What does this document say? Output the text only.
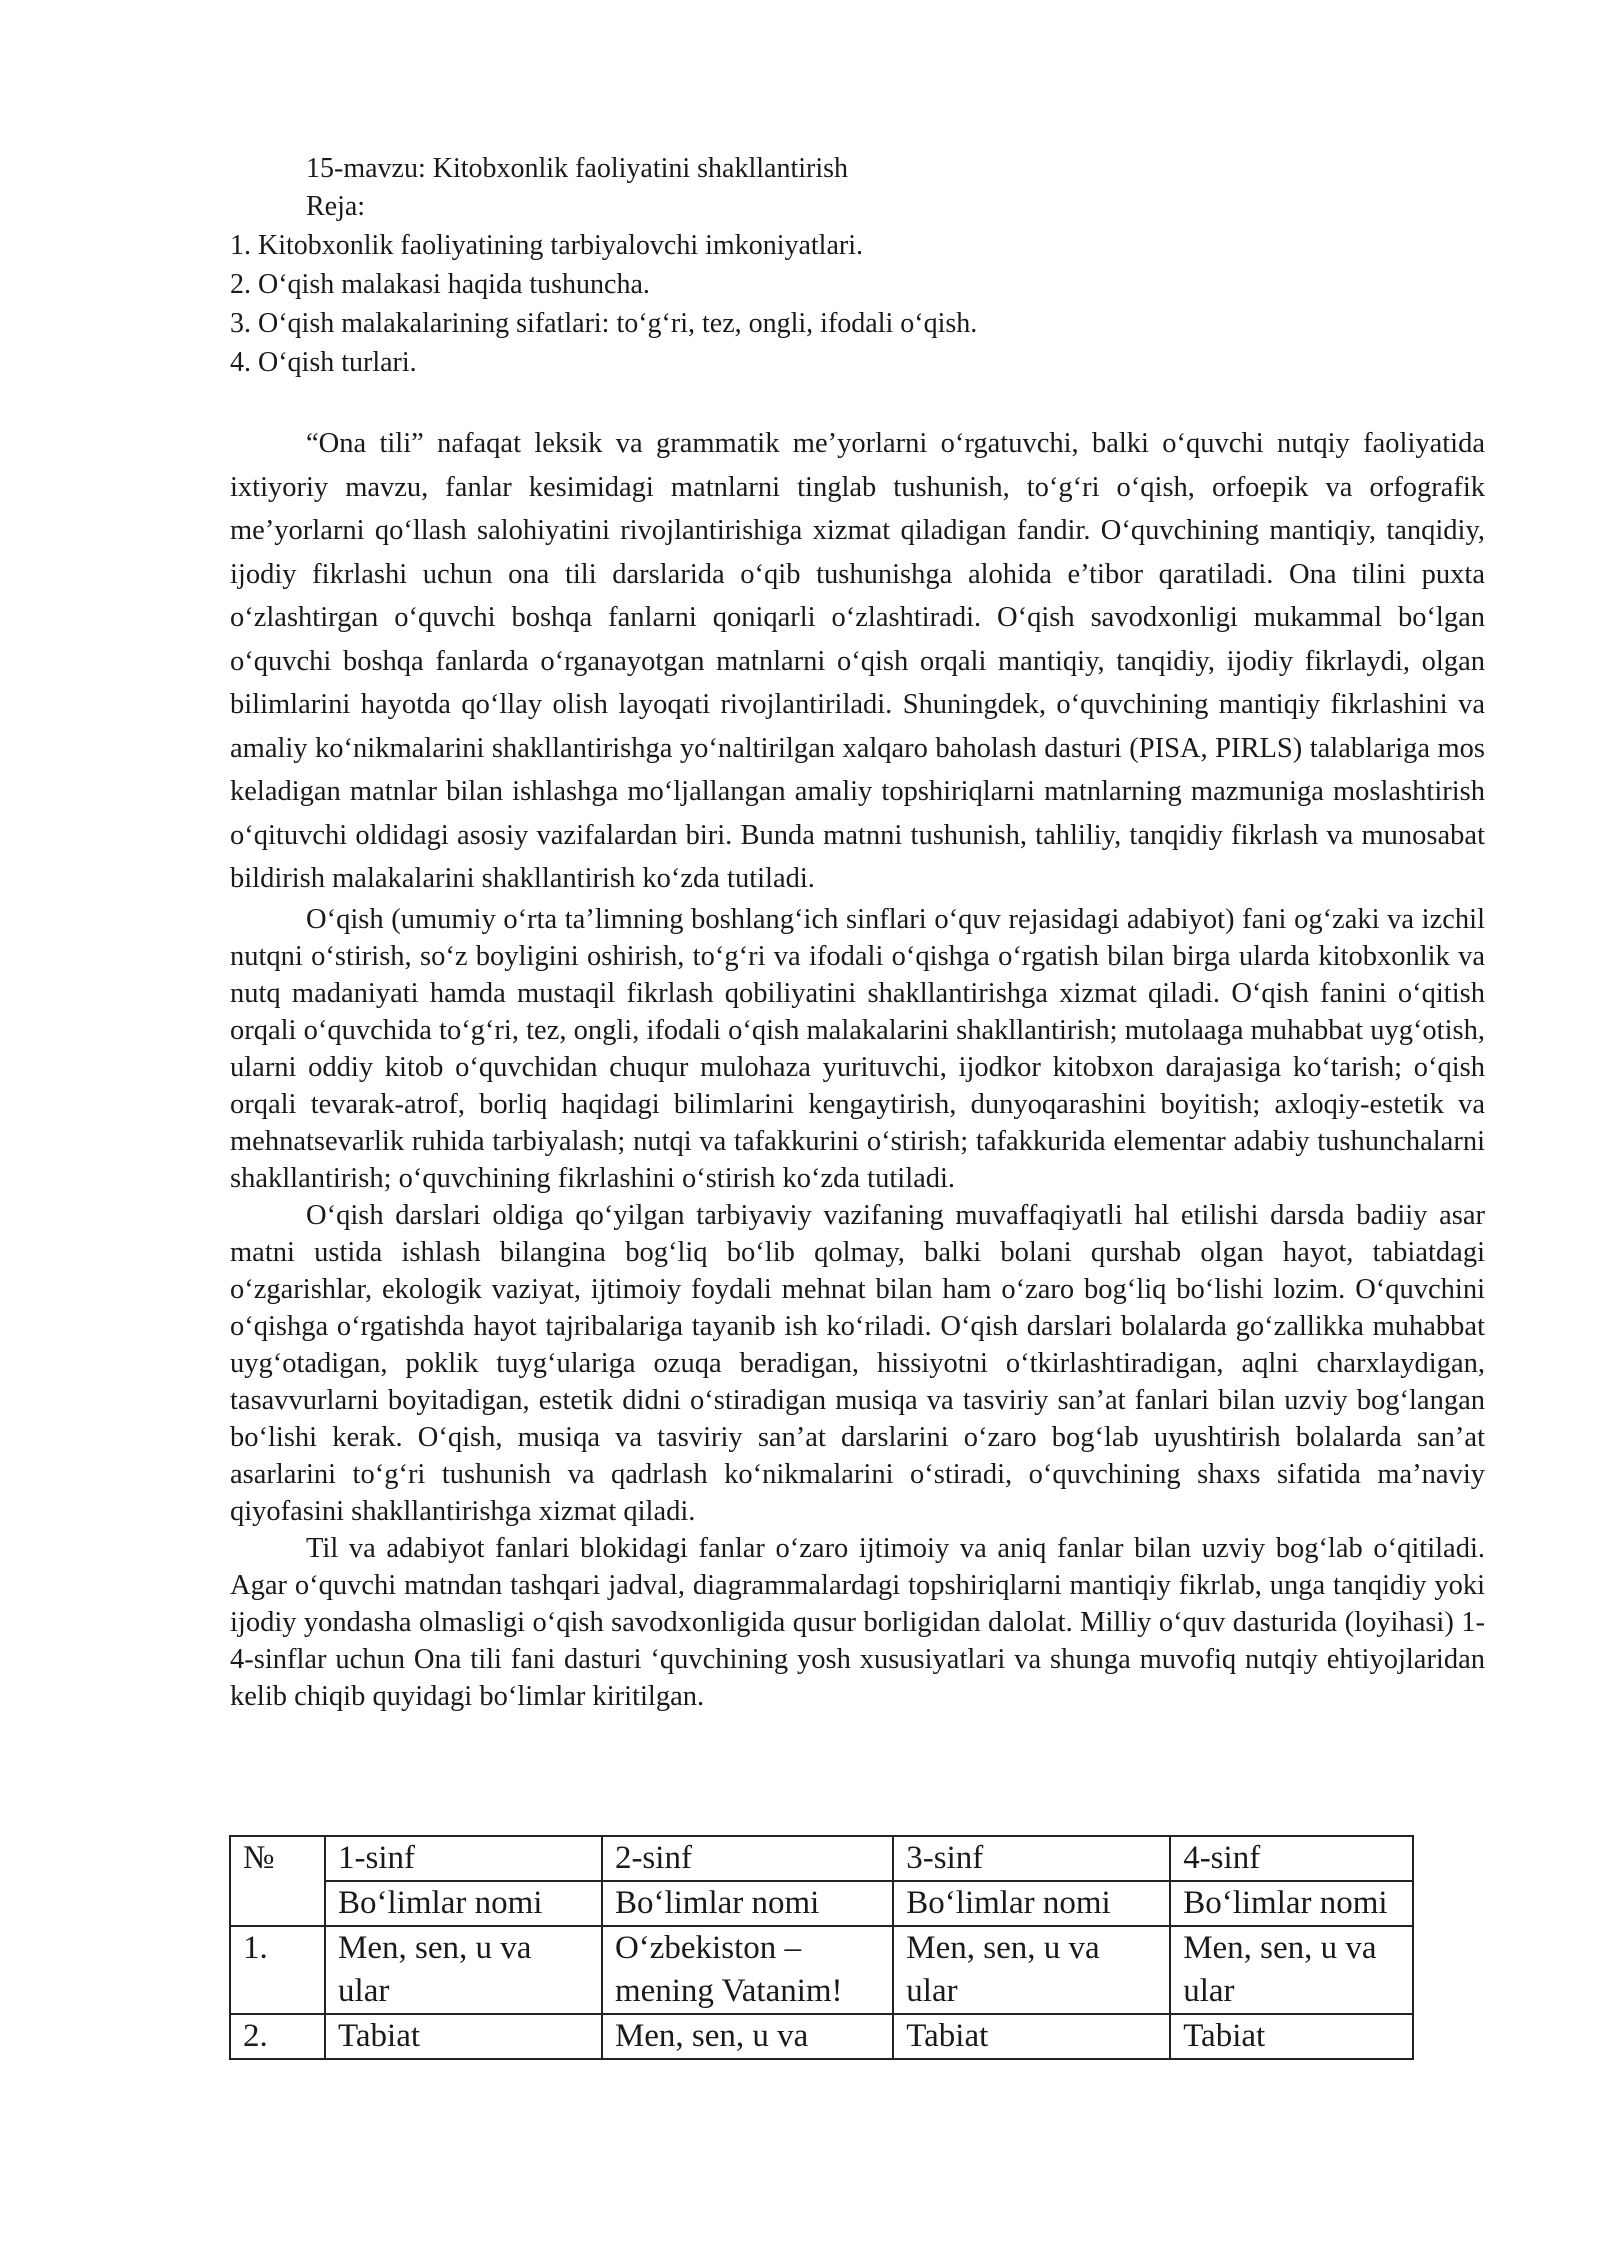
15-mavzu: Kitobxonlik faoliyatini shakllantirish

Reja:

1. Kitobxonlik faoliyatining tarbiyalovchi imkoniyatlari.
2. O‘qish malakasi haqida tushuncha.
3. O‘qish malakalarining sifatlari: to‘g‘ri, tez, ongli, ifodali o‘qish.
4. O‘qish turlari.

“Ona tili” nafaqat leksik va grammatik me’yorlarni o‘rgatuvchi, balki o‘quvchi nutqiy faoliyatida ixtiyoriy mavzu, fanlar kesimidagi matnlarni tinglab tushunish, to‘g‘ri o‘qish, orfoepik va orfografik me’yorlarni qo‘llash salohiyatini rivojlantirishiga xizmat qiladigan fandir. O‘quvchining mantiqiy, tanqidiy, ijodiy fikrlashi uchun ona tili darslarida o‘qib tushunishga alohida e’tibor qaratiladi. Ona tilini puxta o‘zlashtirgan o‘quvchi boshqa fanlarni qoniqarli o‘zlashtiradi. O‘qish savodxonligi mukammal bo‘lgan o‘quvchi boshqa fanlarda o‘rganayotgan matnlarni o‘qish orqali mantiqiy, tanqidiy, ijodiy fikrlaydi, olgan bilimlarini hayotda qo‘llay olish layoqati rivojlantiriladi. Shuningdek, o‘quvchining mantiqiy fikrlashini va amaliy ko‘nikmalarini shakllantirishga yo‘naltirilgan xalqaro baholash dasturi (PISA, PIRLS) talablariga mos keladigan matnlar bilan ishlashga mo‘ljallangan amaliy topshiriqlarni matnlarning mazmuniga moslashtirish o‘qituvchi oldidagi asosiy vazifalardan biri. Bunda matnni tushunish, tahliliy, tanqidiy fikrlash va munosabat bildirish malakalarini shakllantirish ko‘zda tutiladi.

O‘qish (umumiy o‘rta ta’limning boshlang‘ich sinflari o‘quv rejasidagi adabiyot) fani og‘zaki va izchil nutqni o‘stirish, so‘z boyligini oshirish, to‘g‘ri va ifodali o‘qishga o‘rgatish bilan birga ularda kitobxonlik va nutq madaniyati hamda mustaqil fikrlash qobiliyatini shakllantirishga xizmat qiladi. O‘qish fanini o‘qitish orqali o‘quvchida to‘g‘ri, tez, ongli, ifodali o‘qish malakalarini shakllantirish; mutolaaga muhabbat uyg‘otish, ularni oddiy kitob o‘quvchidan chuqur mulohaza yurituvchi, ijodkor kitobxon darajasiga ko‘tarish; o‘qish orqali tevarak-atrof, borliq haqidagi bilimlarini kengaytirish, dunyoqarashini boyitish; axloqiy-estetik va mehnatsevarlik ruhida tarbiyalash; nutqi va tafakkurini o‘stirish; tafakkurida elementar adabiy tushunchalarni shakllantirish; o‘quvchining fikrlashini o‘stirish ko‘zda tutiladi.

O‘qish darslari oldiga qo‘yilgan tarbiyaviy vazifaning muvaffaqiyatli hal etilishi darsda badiiy asar matni ustida ishlash bilangina bog‘liq bo‘lib qolmay, balki bolani qurshab olgan hayot, tabiatdagi o‘zgarishlar, ekologik vaziyat, ijtimoiy foydali mehnat bilan ham o‘zaro bog‘liq bo‘lishi lozim. O‘quvchini o‘qishga o‘rgatishda hayot tajribalariga tayanib ish ko‘riladi. O‘qish darslari bolalarda go‘zallikka muhabbat uyg‘otadigan, poklik tuyg‘ulariga ozuqa beradigan, hissiyotni o‘tkirlashtiradigan, aqlni charxlaydigan, tasavvurlarni boyitadigan, estetik didni o‘stiradigan musiqa va tasviriy san’at fanlari bilan uzviy bog‘langan bo‘lishi kerak. O‘qish, musiqa va tasviriy san’at darslarini o‘zaro bog‘lab uyushtirish bolalarda san’at asarlarini to‘g‘ri tushunish va qadrlash ko‘nikmalarini o‘stiradi, o‘quvchining shaxs sifatida ma’naviy qiyofasini shakllantirishga xizmat qiladi.

Til va adabiyot fanlari blokidagi fanlar o‘zaro ijtimoiy va aniq fanlar bilan uzviy bog‘lab o‘qitiladi. Agar o‘quvchi matndan tashqari jadval, diagrammalardagi topshiriqlarni mantiqiy fikrlab, unga tanqidiy yoki ijodiy yondasha olmasligi o‘qish savodxonligida qusur borligidan dalolat. Milliy o‘quv dasturida (loyihasi) 1-4-sinflar uchun Ona tili fani dasturi ‘quvchining yosh xususiyatlari va shunga muvofiq nutqiy ehtiyojlaridan kelib chiqib quyidagi bo‘limlar kiritilgan.

№	1-sinf	2-sinf	3-sinf	4-sinf
	Bo‘limlar nomi	Bo‘limlar nomi	Bo‘limlar nomi	Bo‘limlar nomi
1.	Men, sen, u va ular	O‘zbekiston – mening Vatanim!	Men, sen, u va ular	Men, sen, u va ular
2.	Tabiat	Men, sen, u va	Tabiat	Tabiat
